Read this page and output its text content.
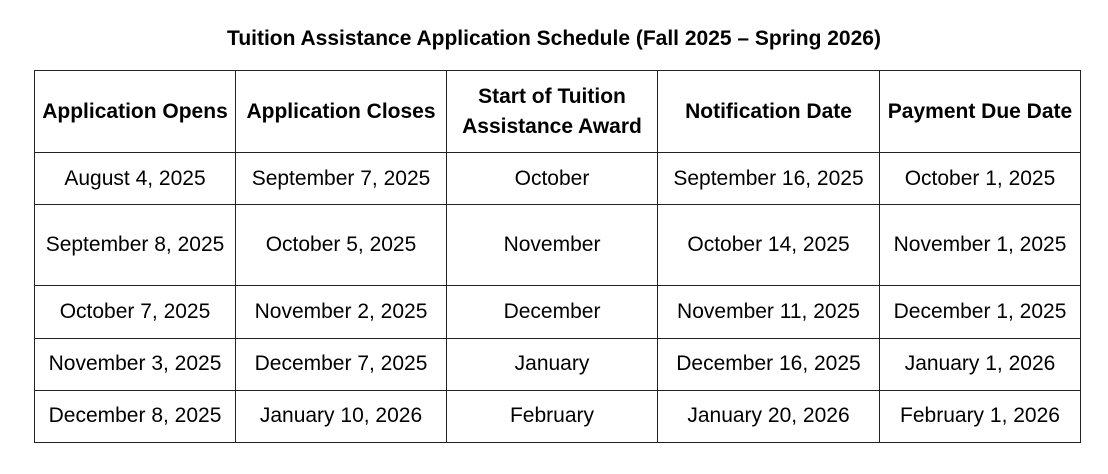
Tuition Assistance Application Schedule (Fall 2025 – Spring 2026)
Application Opens	Application Closes	Start of Tuition Assistance Award	Notification Date	Payment Due Date
August 4, 2025	September 7, 2025	October	September 16, 2025	October 1, 2025
September 8, 2025	October 5, 2025	November	October 14, 2025	November 1, 2025
October 7, 2025	November 2, 2025	December	November 11, 2025	December 1, 2025
November 3, 2025	December 7, 2025	January	December 16, 2025	January 1, 2026
December 8, 2025	January 10, 2026	February	January 20, 2026	February 1, 2026
